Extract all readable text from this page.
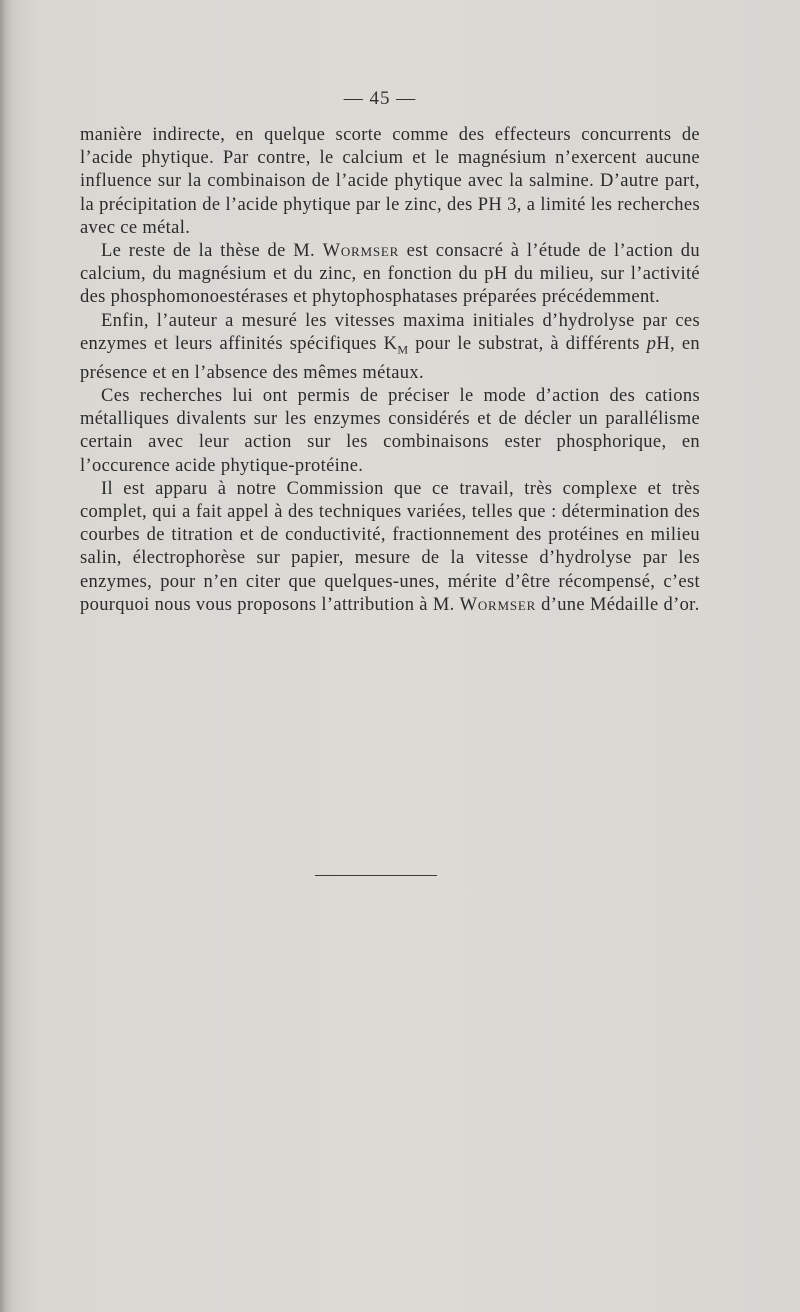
— 45 —

manière indirecte, en quelque scorte comme des effecteurs concurrents de l’acide phytique. Par contre, le calcium et le magnésium n’exercent aucune influence sur la combinaison de l’acide phytique avec la salmine. D’autre part, la précipitation de l’acide phytique par le zinc, des PH 3, a limité les recherches avec ce métal.

Le reste de la thèse de M. Wormser est consacré à l’étude de l’action du calcium, du magnésium et du zinc, en fonction du pH du milieu, sur l’activité des phosphomonoestérases et phytophosphatases préparées précédemment.

Enfin, l’auteur a mesuré les vitesses maxima initiales d’hydrolyse par ces enzymes et leurs affinités spécifiques $K_M$ pour le substrat, à différents pH, en présence et en l’absence des mêmes métaux.

Ces recherches lui ont permis de préciser le mode d’action des cations métalliques divalents sur les enzymes considérés et de décler un parallélisme certain avec leur action sur les combinaisons ester phosphorique, en l’occurence acide phytique-protéine.

Il est apparu à notre Commission que ce travail, très complexe et très complet, qui a fait appel à des techniques variées, telles que : détermination des courbes de titration et de conductivité, fractionnement des protéines en milieu salin, électrophorèse sur papier, mesure de la vitesse d’hydrolyse par les enzymes, pour n’en citer que quelques-unes, mérite d’être récompensé, c’est pourquoi nous vous proposons l’attribution à M. Wormser d’une Médaille d’or.
